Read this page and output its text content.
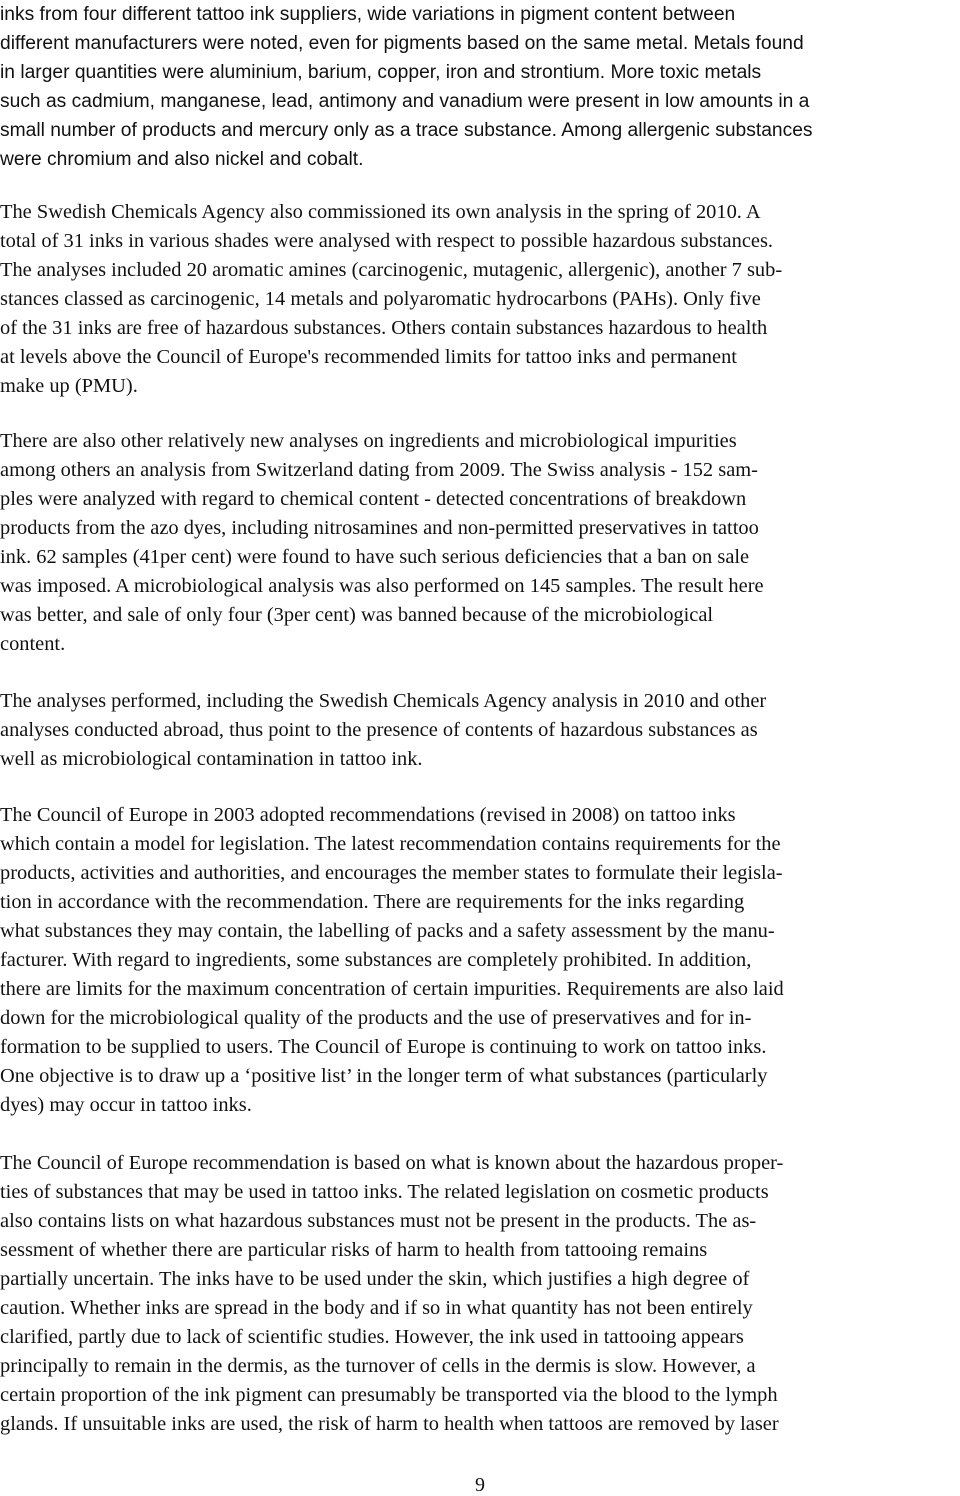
inks from four different tattoo ink suppliers, wide variations in pigment content between
different manufacturers were noted, even for pigments based on the same metal. Metals found
in larger quantities were aluminium, barium, copper, iron and strontium. More toxic metals
such as cadmium, manganese, lead, antimony and vanadium were present in low amounts in a
small number of products and mercury only as a trace substance. Among allergenic substances
were chromium and also nickel and cobalt.
The Swedish Chemicals Agency also commissioned its own analysis in the spring of 2010. A
total of 31 inks in various shades were analysed with respect to possible hazardous substances.
The analyses included 20 aromatic amines (carcinogenic, mutagenic, allergenic), another 7 sub-
stances classed as carcinogenic, 14 metals and polyaromatic hydrocarbons (PAHs). Only five
of the 31 inks are free of hazardous substances. Others contain substances hazardous to health
at levels above the Council of Europe's recommended limits for tattoo inks and permanent
make up (PMU).
There are also other relatively new analyses on ingredients and microbiological impurities
among others an analysis from Switzerland dating from 2009. The Swiss analysis - 152 sam-
ples were analyzed with regard to chemical content - detected concentrations of breakdown
products from the azo dyes, including nitrosamines and non-permitted preservatives in tattoo
ink. 62 samples (41per cent) were found to have such serious deficiencies that a ban on sale
was imposed. A microbiological analysis was also performed on 145 samples. The result here
was better, and sale of only four (3per cent) was banned because of the microbiological
content.
The analyses performed, including the Swedish Chemicals Agency analysis in 2010 and other
analyses conducted abroad, thus point to the presence of contents of hazardous substances as
well as microbiological contamination in tattoo ink.
The Council of Europe in 2003 adopted recommendations (revised in 2008) on tattoo inks
which contain a model for legislation. The latest recommendation contains requirements for the
products, activities and authorities, and encourages the member states to formulate their legisla-
tion in accordance with the recommendation. There are requirements for the inks regarding
what substances they may contain, the labelling of packs and a safety assessment by the manu-
facturer. With regard to ingredients, some substances are completely prohibited. In addition,
there are limits for the maximum concentration of certain impurities. Requirements are also laid
down for the microbiological quality of the products and the use of preservatives and for in-
formation to be supplied to users. The Council of Europe is continuing to work on tattoo inks.
One objective is to draw up a ‘positive list’ in the longer term of what substances (particularly
dyes) may occur in tattoo inks.
The Council of Europe recommendation is based on what is known about the hazardous proper-
ties of substances that may be used in tattoo inks. The related legislation on cosmetic products
also contains lists on what hazardous substances must not be present in the products. The as-
sessment of whether there are particular risks of harm to health from tattooing remains
partially uncertain. The inks have to be used under the skin, which justifies a high degree of
caution. Whether inks are spread in the body and if so in what quantity has not been entirely
clarified, partly due to lack of scientific studies. However, the ink used in tattooing appears
principally to remain in the dermis, as the turnover of cells in the dermis is slow. However, a
certain proportion of the ink pigment can presumably be transported via the blood to the lymph
glands. If unsuitable inks are used, the risk of harm to health when tattoos are removed by laser
9
